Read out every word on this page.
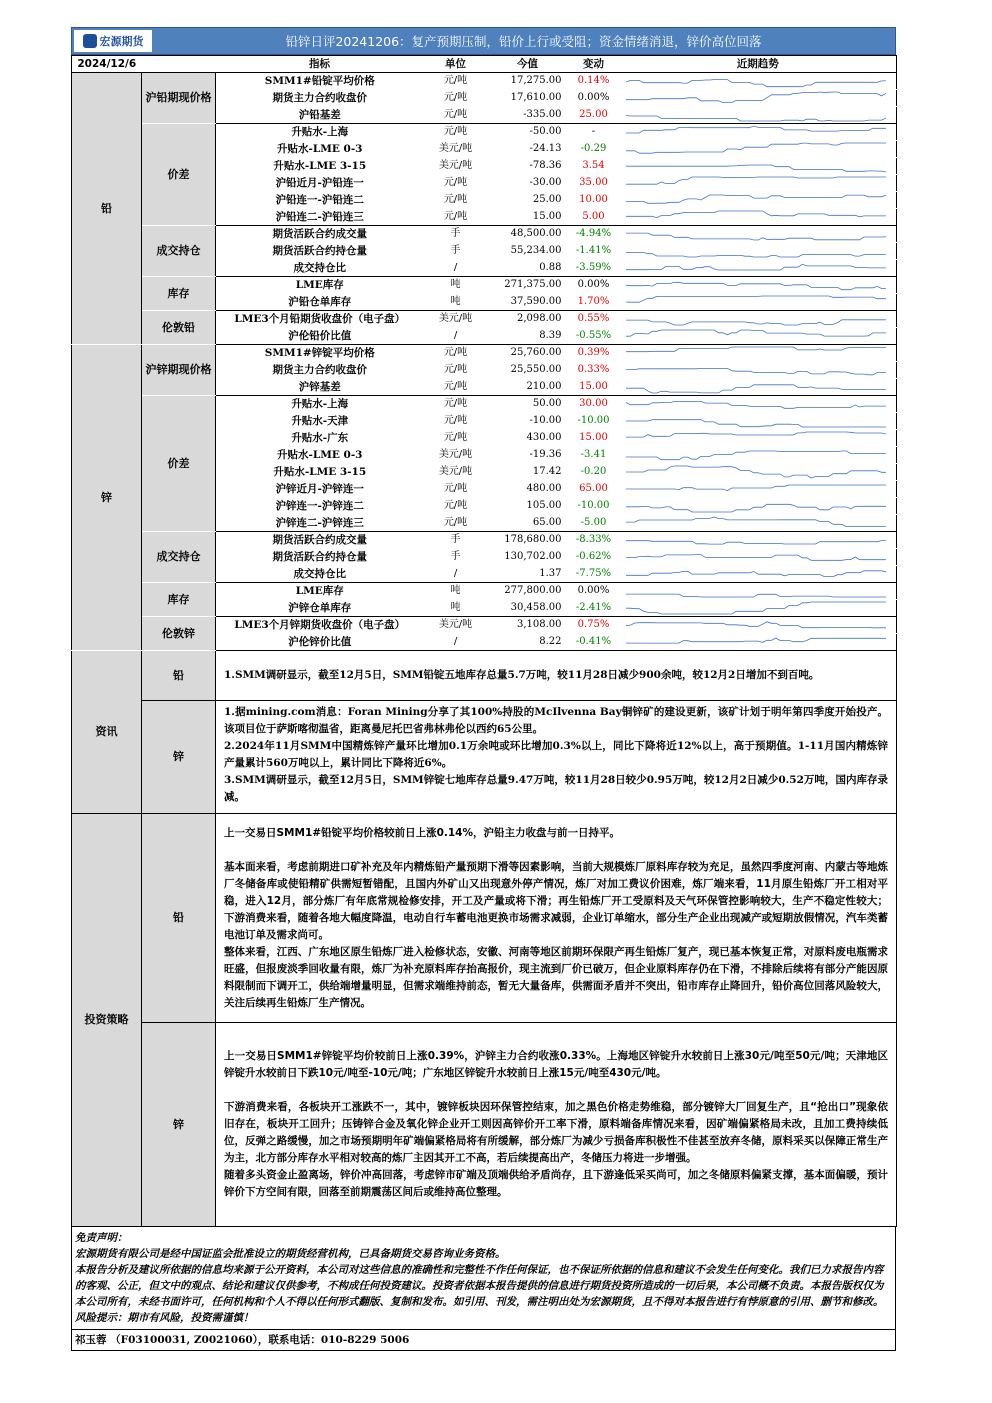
宏源期货	铅锌日评20241206：复产预期压制，铅价上行或受阻；资金情绪消退，锌价高位回落
2024/12/6		指标	单位	今值	变动	近期趋势
铅	沪铅期现价格	SMM1#铅锭平均价格	元/吨	17,275.00	0.14%	

		期货主力合约收盘价	元/吨	17,610.00	0.00%	

		沪铅基差	元/吨	-335.00	25.00	

	价差	升贴水-上海	元/吨	-50.00	-	

		升贴水-LME 0-3	美元/吨	-24.13	-0.29	

		升贴水-LME 3-15	美元/吨	-78.36	3.54	

		沪铅近月-沪铅连一	元/吨	-30.00	35.00	

		沪铅连一-沪铅连二	元/吨	25.00	10.00	

		沪铅连二-沪铅连三	元/吨	15.00	5.00	

	成交持仓	期货活跃合约成交量	手	48,500.00	-4.94%	

		期货活跃合约持仓量	手	55,234.00	-1.41%	

		成交持仓比	/	0.88	-3.59%	

	库存	LME库存	吨	271,375.00	0.00%	

		沪铅仓单库存	吨	37,590.00	1.70%	

	伦敦铅	LME3个月铅期货收盘价（电子盘）	美元/吨	2,098.00	0.55%	

		沪伦铅价比值	/	8.39	-0.55%	

锌	沪锌期现价格	SMM1#锌锭平均价格	元/吨	25,760.00	0.39%	

		期货主力合约收盘价	元/吨	25,550.00	0.33%	

		沪锌基差	元/吨	210.00	15.00	

	价差	升贴水-上海	元/吨	50.00	30.00	

		升贴水-天津	元/吨	-10.00	-10.00	

		升贴水-广东	元/吨	430.00	15.00	

		升贴水-LME 0-3	美元/吨	-19.36	-3.41	

		升贴水-LME 3-15	美元/吨	17.42	-0.20	

		沪锌近月-沪锌连一	元/吨	480.00	65.00	

		沪锌连一-沪锌连二	元/吨	105.00	-10.00	

		沪锌连二-沪锌连三	元/吨	65.00	-5.00	

	成交持仓	期货活跃合约成交量	手	178,680.00	-8.33%	

		期货活跃合约持仓量	手	130,702.00	-0.62%	

		成交持仓比	/	1.37	-7.75%	

	库存	LME库存	吨	277,800.00	0.00%	

		沪锌仓单库存	吨	30,458.00	-2.41%	

	伦敦锌	LME3个月锌期货收盘价（电子盘）	美元/吨	3,108.00	0.75%	

		沪伦锌价比值	/	8.22	-0.41%	
资讯	铅	1.SMM调研显示，截至12月5日，SMM铅锭五地库存总量5.7万吨，较11月28日减少900余吨，较12月2日增加不到百吨。

	锌	1.据mining.com消息：Foran Mining分享了其100%持股的McIlvenna Bay铜锌矿的建设更新，该矿计划于明年第四季度开始投产。该项目位于萨斯喀彻温省，距离曼尼托巴省弗林弗伦以西约65公里。

2.2024年11月SMM中国精炼锌产量环比增加0.1万余吨或环比增加0.3%以上，同比下降将近12%以上，高于预期值。1-11月国内精炼锌产量累计560万吨以上，累计同比下降将近6%。

3.SMM调研显示，截至12月5日，SMM锌锭七地库存总量9.47万吨，较11月28日较少0.95万吨，较12月2日减少0.52万吨，国内库存录减。

投资策略	铅	上一交易日SMM1#铅锭平均价格较前日上涨0.14%，沪铅主力收盘与前一日持平。

基本面来看，考虑前期进口矿补充及年内精炼铅产量预期下滑等因素影响，当前大规模炼厂原料库存较为充足，虽然四季度河南、内蒙古等地炼厂冬储备库或使铅精矿供需短暂错配，且国内外矿山又出现意外停产情况，炼厂对加工费议价困难，炼厂端来看，11月原生铅炼厂开工相对平稳，进入12月，部分炼厂有年底常规检修安排，开工及产量或将下滑；再生铅炼厂开工受原料及天气环保管控影响较大，生产不稳定性较大；下游消费来看，随着各地大幅度降温，电动自行车蓄电池更换市场需求减弱，企业订单缩水，部分生产企业出现减产或短期放假情况，汽车类蓄电池订单及需求尚可。

整体来看，江西、广东地区原生铅炼厂进入检修状态，安徽、河南等地区前期环保限产再生铅炼厂复产，现已基本恢复正常，对原料废电瓶需求旺盛，但报废淡季回收量有限，炼厂为补充原料库存抬高报价，现主流到厂价已破万，但企业原料库存仍在下滑，不排除后续将有部分产能因原料限制而下调开工，供给端增量明显，但需求端维持前态，暂无大量备库，供需面矛盾并不突出，铅市库存止降回升，铅价高位回落风险较大，关注后续再生铅炼厂生产情况。

	锌	上一交易日SMM1#锌锭平均价较前日上涨0.39%，沪锌主力合约收涨0.33%。上海地区锌锭升水较前日上涨30元/吨至50元/吨；天津地区锌锭升水较前日下跌10元/吨至-10元/吨；广东地区锌锭升水较前日上涨15元/吨至430元/吨。

下游消费来看，各板块开工涨跌不一，其中，镀锌板块因环保管控结束，加之黑色价格走势维稳，部分镀锌大厂回复生产，且“抢出口”现象依旧存在，板块开工回升；压铸锌合金及氧化锌企业开工则因高锌价开工率下滑，原料端备库情况来看，因矿端偏紧格局未改，且加工费持续低位，反弹之路缓慢，加之市场预期明年矿端偏紧格局将有所缓解，部分炼厂为减少亏损备库积极性不佳甚至放弃冬储，原料采买以保障正常生产为主，北方部分库存水平相对较高的炼厂主因其开工不高，若后续提高出产，冬储压力将进一步增强。

随着多头资金止盈离场，锌价冲高回落，考虑锌市矿端及顶端供给矛盾尚存，且下游逢低采买尚可，加之冬储原料偏紧支撑，基本面偏暖，预计锌价下方空间有限，回落至前期震荡区间后或维持高位整理。

免责声明：
宏源期货有限公司是经中国证监会批准设立的期货经营机构，已具备期货交易咨询业务资格。
本报告分析及建议所依据的信息均来源于公开资料，本公司对这些信息的准确性和完整性不作任何保证，也不保证所依据的信息和建议不会发生任何变化。我们已力求报告内容的客观、公正，但文中的观点、结论和建议仅供参考，不构成任何投资建议。投资者依据本报告提供的信息进行期货投资所造成的一切后果，本公司概不负责。本报告版权仅为本公司所有，未经书面许可，任何机构和个人不得以任何形式翻版、复制和发布。如引用、刊发，需注明出处为宏源期货，且不得对本报告进行有悖原意的引用、删节和修改。
风险提示：期市有风险，投资需谨慎！
祁玉蓉 （F03100031, Z0021060），联系电话：010-8229 5006
